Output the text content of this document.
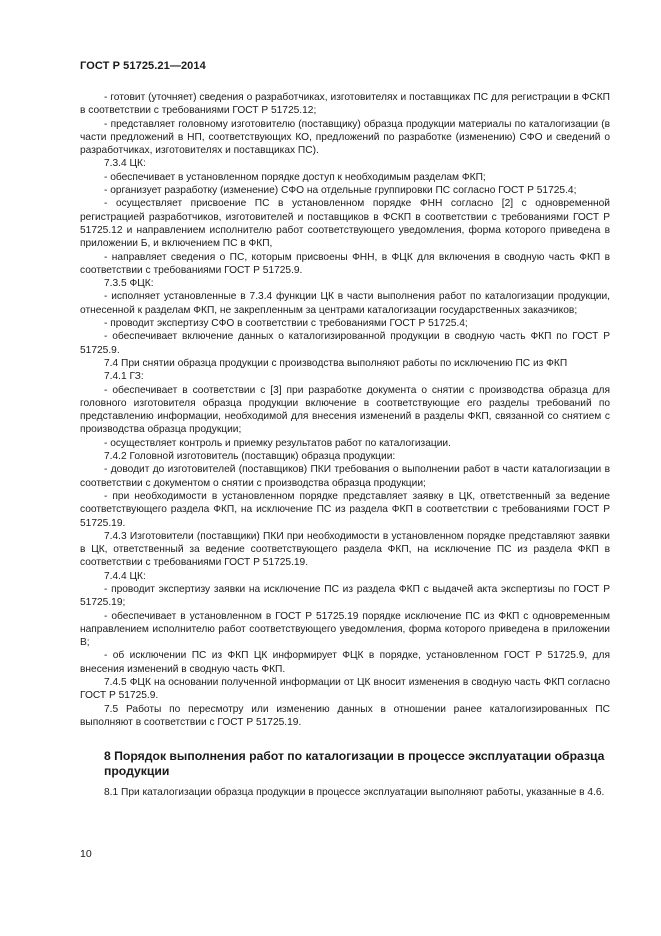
ГОСТ Р 51725.21—2014

- готовит (уточняет) сведения о разработчиках, изготовителях и поставщиках ПС для регистрации в ФСКП в соответствии с требованиями ГОСТ Р 51725.12;

- представляет головному изготовителю (поставщику) образца продукции материалы по каталогизации (в части предложений в НП, соответствующих КО, предложений по разработке (изменению) СФО и сведений о разработчиках, изготовителях и поставщиках ПС).

7.3.4 ЦК:

- обеспечивает в установленном порядке доступ к необходимым разделам ФКП;

- организует разработку (изменение) СФО на отдельные группировки ПС согласно ГОСТ Р 51725.4;

- осуществляет присвоение ПС в установленном порядке ФНН согласно [2] с одновременной регистрацией разработчиков, изготовителей и поставщиков в ФСКП в соответствии с требованиями ГОСТ Р 51725.12 и направлением исполнителю работ соответствующего уведомления, форма которого приведена в приложении Б, и включением ПС в ФКП,

- направляет сведения о ПС, которым присвоены ФНН, в ФЦК для включения в сводную часть ФКП в соответствии с требованиями ГОСТ Р 51725.9.

7.3.5 ФЦК:

- исполняет установленные в 7.3.4 функции ЦК в части выполнения работ по каталогизации продукции, отнесенной к разделам ФКП, не закрепленным за центрами каталогизации государственных заказчиков;

- проводит экспертизу СФО в соответствии с требованиями ГОСТ Р 51725.4;

- обеспечивает включение данных о каталогизированной продукции в сводную часть ФКП по ГОСТ Р 51725.9.

7.4 При снятии образца продукции с производства выполняют работы по исключению ПС из ФКП

7.4.1 ГЗ:

- обеспечивает в соответствии с [3] при разработке документа о снятии с производства образца для головного изготовителя образца продукции включение в соответствующие его разделы требований по представлению информации, необходимой для внесения изменений в разделы ФКП, связанной со снятием с производства образца продукции;

- осуществляет контроль и приемку результатов работ по каталогизации.

7.4.2 Головной изготовитель (поставщик) образца продукции:

- доводит до изготовителей (поставщиков) ПКИ требования о выполнении работ в части каталогизации в соответствии с документом о снятии с производства образца продукции;

- при необходимости в установленном порядке представляет заявку в ЦК, ответственный за ведение соответствующего раздела ФКП, на исключение ПС из раздела ФКП в соответствии с требованиями ГОСТ Р 51725.19.

7.4.3 Изготовители (поставщики) ПКИ при необходимости в установленном порядке представляют заявки в ЦК, ответственный за ведение соответствующего раздела ФКП, на исключение ПС из раздела ФКП в соответствии с требованиями ГОСТ Р 51725.19.

7.4.4 ЦК:

- проводит экспертизу заявки на исключение ПС из раздела ФКП с выдачей акта экспертизы по ГОСТ Р 51725.19;

- обеспечивает в установленном в ГОСТ Р 51725.19 порядке исключение ПС из ФКП с одновременным направлением исполнителю работ соответствующего уведомления, форма которого приведена в приложении В;

- об исключении ПС из ФКП ЦК информирует ФЦК в порядке, установленном ГОСТ Р 51725.9, для внесения изменений в сводную часть ФКП.

7.4.5 ФЦК на основании полученной информации от ЦК вносит изменения в сводную часть ФКП согласно ГОСТ Р 51725.9.

7.5 Работы по пересмотру или изменению данных в отношении ранее каталогизированных ПС выполняют в соответствии с ГОСТ Р 51725.19.

8 Порядок выполнения работ по каталогизации в процессе эксплуатации образца продукции

8.1 При каталогизации образца продукции в процессе эксплуатации выполняют работы, указанные в 4.6.

10
